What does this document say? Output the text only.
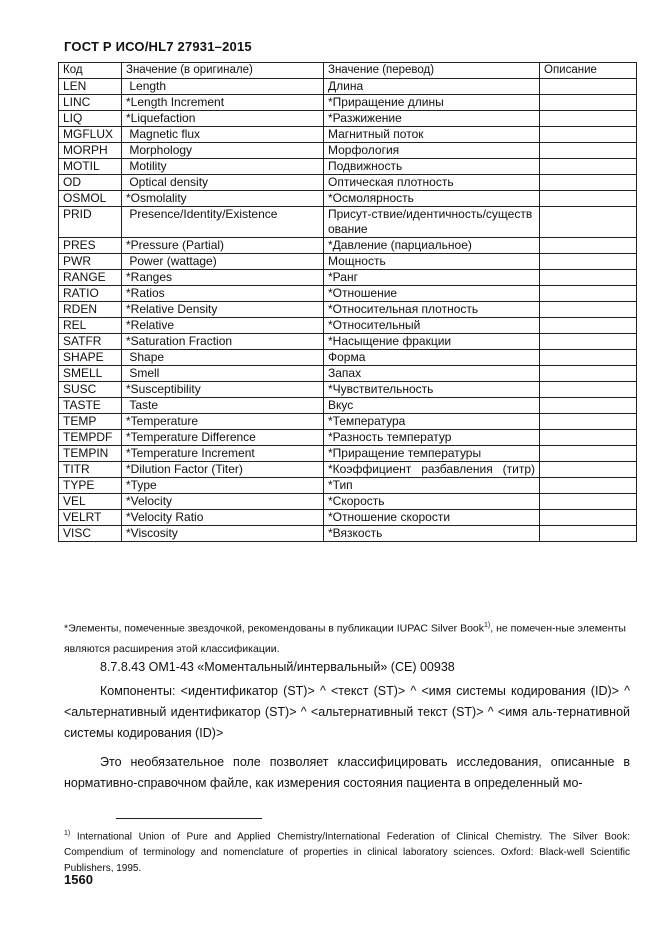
ГОСТ Р ИСО/HL7 27931–2015
Код	Значение (в оригинале)	Значение (перевод)	Описание
LEN	Length	Длина	
LINC	*Length Increment	*Приращение длины	
LIQ	*Liquefaction	*Разжижение	
MGFLUX	Magnetic flux	Магнитный поток	
MORPH	Morphology	Морфология	
MOTIL	Motility	Подвижность	
OD	Optical density	Оптическая плотность	
OSMOL	*Osmolality	*Осмолярность	
PRID	Presence/Identity/Existence	Присут-ствие/идентичность/существование	
PRES	*Pressure (Partial)	*Давление (парциальное)	
PWR	Power (wattage)	Мощность	
RANGE	*Ranges	*Ранг	
RATIO	*Ratios	*Отношение	
RDEN	*Relative Density	*Относительная плотность	
REL	*Relative	*Относительный	
SATFR	*Saturation Fraction	*Насыщение фракции	
SHAPE	Shape	Форма	
SMELL	Smell	Запах	
SUSC	*Susceptibility	*Чувствительность	
TASTE	Taste	Вкус	
TEMP	*Temperature	*Температура	
TEMPDF	*Temperature Difference	*Разность температур	
TEMPIN	*Temperature Increment	*Приращение температуры	
TITR	*Dilution Factor (Titer)	*Коэффициент разбавления (титр)	
TYPE	*Type	*Тип	
VEL	*Velocity	*Скорость	
VELRT	*Velocity Ratio	*Отношение скорости	
VISC	*Viscosity	*Вязкость	
*Элементы, помеченные звездочкой, рекомендованы в публикации IUPAC Silver Book$^{1)}$, не помечен-ные элементы являются расширения этой классификации.
8.7.8.43 OM1-43 «Моментальный/интервальный» (CE) 00938
Компоненты: <идентификатор (ST)> ^ <текст (ST)> ^ <имя системы кодирования (ID)> ^ <альтернативный идентификатор (ST)> ^ <альтернативный текст (ST)> ^ <имя аль-тернативной системы кодирования (ID)>
Это необязательное поле позволяет классифицировать исследования, описанные в нормативно-справочном файле, как измерения состояния пациента в определенный мо-
$^{1)}$ International Union of Pure and Applied Chemistry/International Federation of Clinical Chemistry. The Silver Book: Compendium of terminology and nomenclature of properties in clinical laboratory sciences. Oxford: Black-well Scientific Publishers, 1995.
1560
